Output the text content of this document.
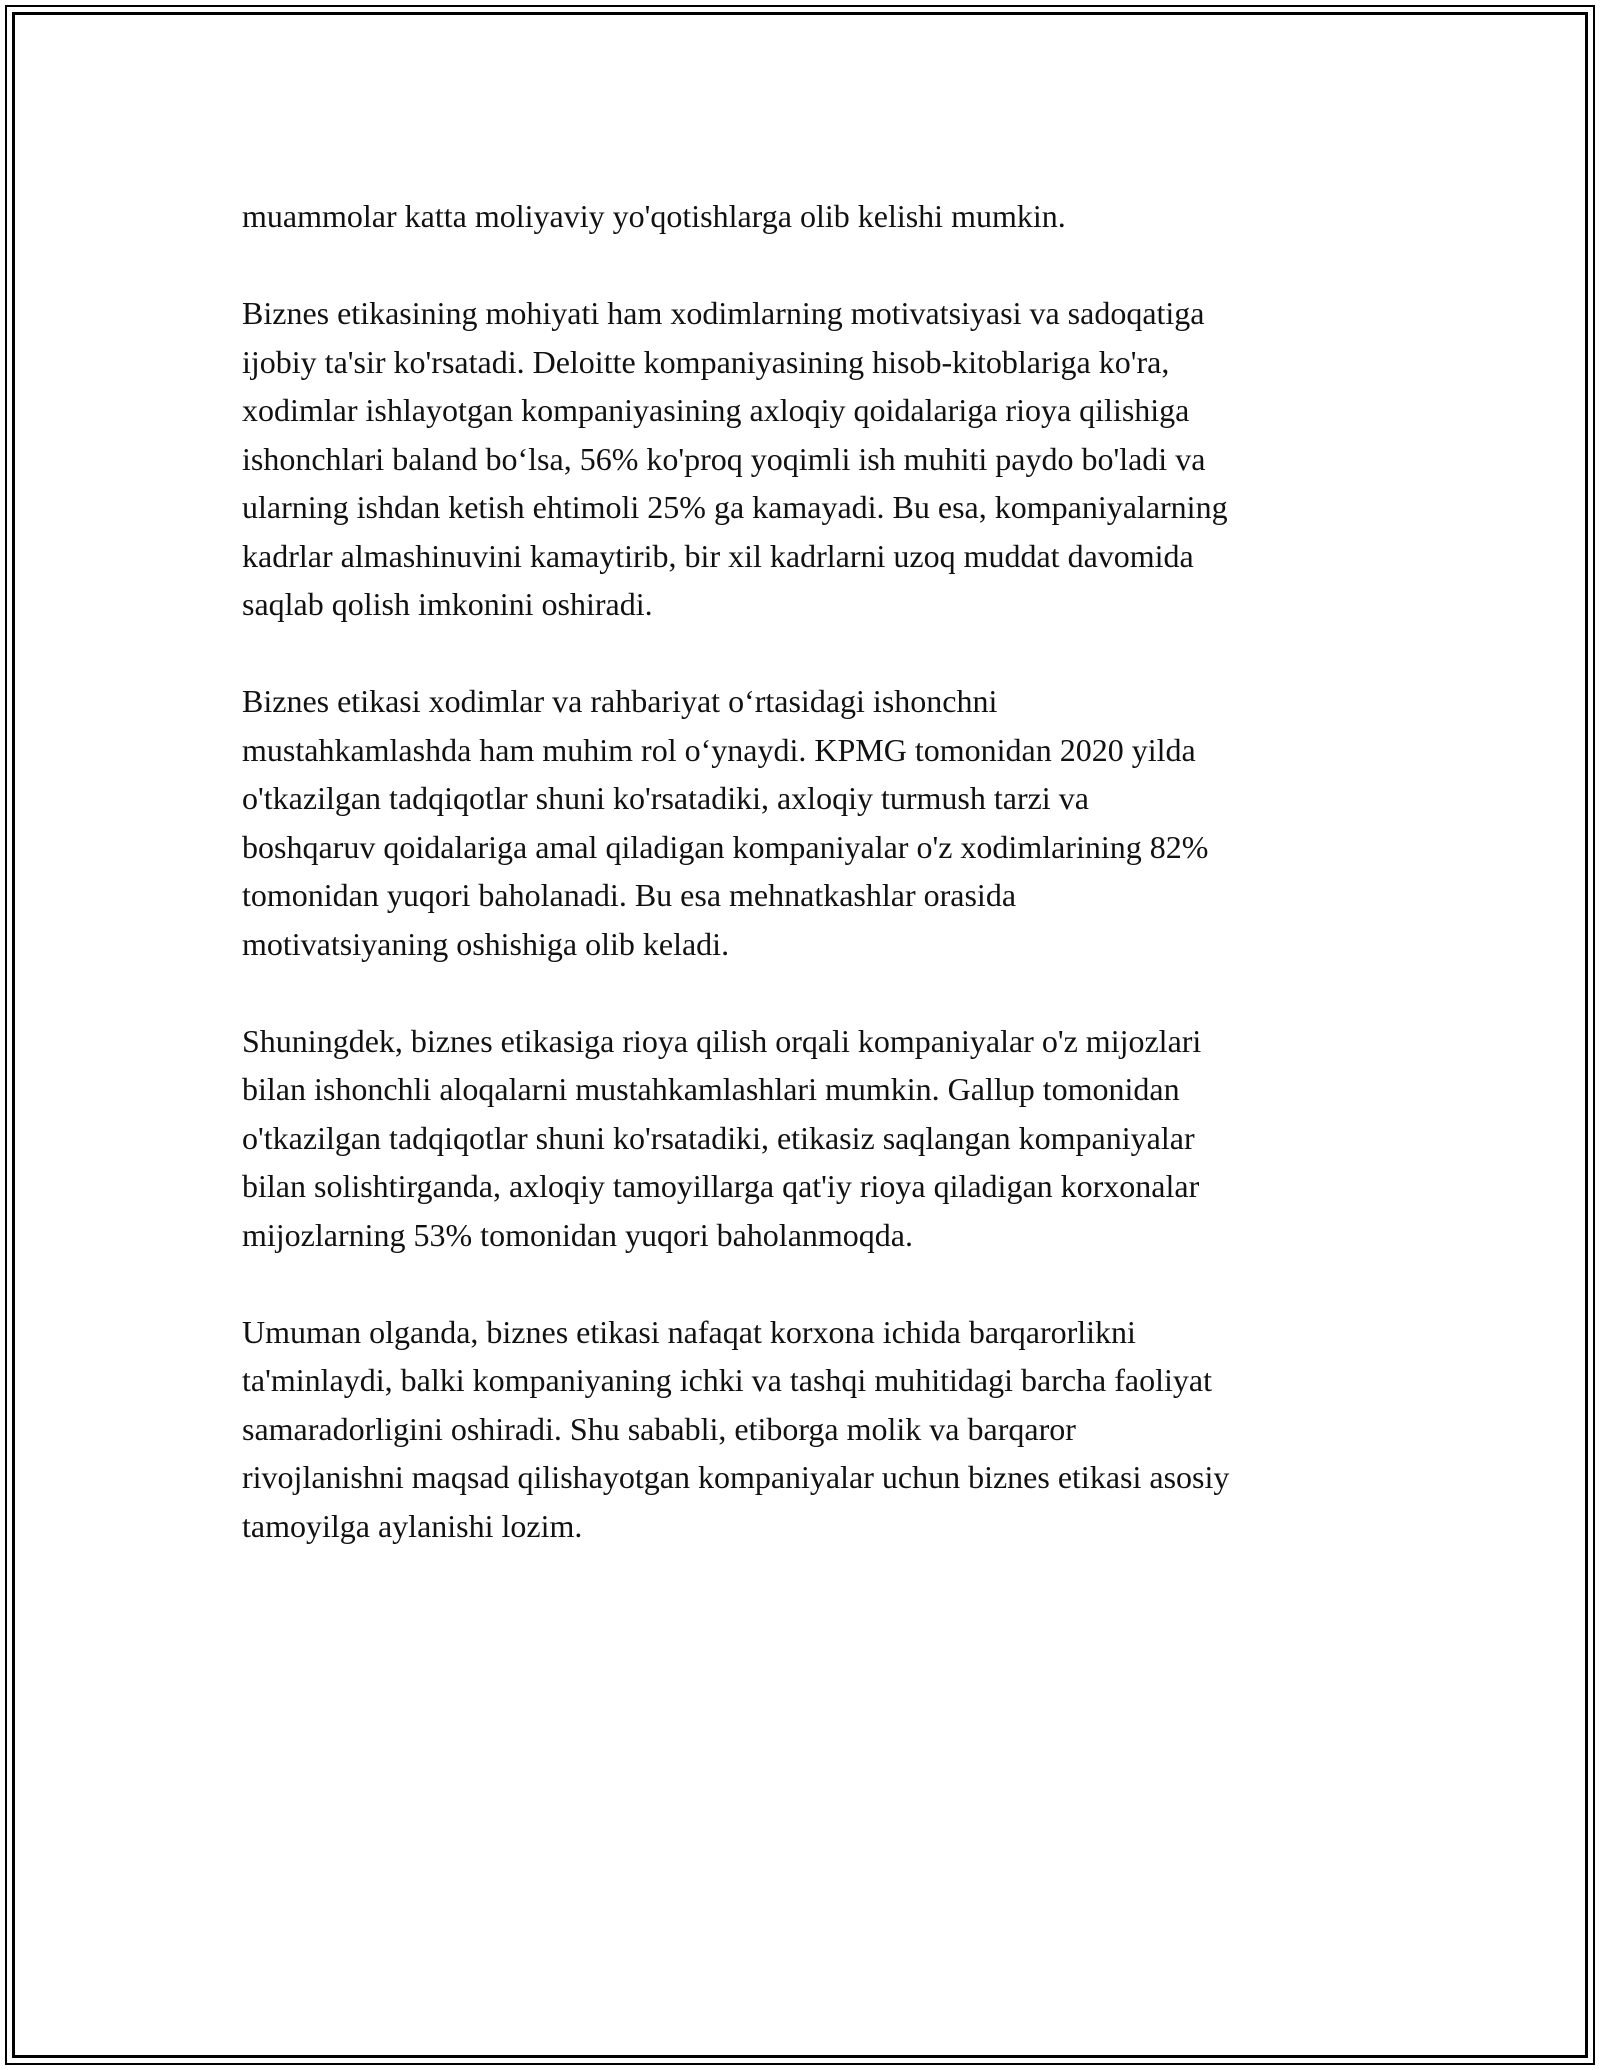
muammolar katta moliyaviy yo'qotishlarga olib kelishi mumkin.

Biznes etikasining mohiyati ham xodimlarning motivatsiyasi va sadoqatiga
ijobiy ta'sir ko'rsatadi. Deloitte kompaniyasining hisob-kitoblariga ko'ra,
xodimlar ishlayotgan kompaniyasining axloqiy qoidalariga rioya qilishiga
ishonchlari baland bo‘lsa, 56% ko'proq yoqimli ish muhiti paydo bo'ladi va
ularning ishdan ketish ehtimoli 25% ga kamayadi. Bu esa, kompaniyalarning
kadrlar almashinuvini kamaytirib, bir xil kadrlarni uzoq muddat davomida
saqlab qolish imkonini oshiradi.

Biznes etikasi xodimlar va rahbariyat o‘rtasidagi ishonchni
mustahkamlashda ham muhim rol o‘ynaydi. KPMG tomonidan 2020 yilda
o'tkazilgan tadqiqotlar shuni ko'rsatadiki, axloqiy turmush tarzi va
boshqaruv qoidalariga amal qiladigan kompaniyalar o'z xodimlarining 82%
tomonidan yuqori baholanadi. Bu esa mehnatkashlar orasida
motivatsiyaning oshishiga olib keladi.

Shuningdek, biznes etikasiga rioya qilish orqali kompaniyalar o'z mijozlari
bilan ishonchli aloqalarni mustahkamlashlari mumkin. Gallup tomonidan
o'tkazilgan tadqiqotlar shuni ko'rsatadiki, etikasiz saqlangan kompaniyalar
bilan solishtirganda, axloqiy tamoyillarga qat'iy rioya qiladigan korxonalar
mijozlarning 53% tomonidan yuqori baholanmoqda.

Umuman olganda, biznes etikasi nafaqat korxona ichida barqarorlikni
ta'minlaydi, balki kompaniyaning ichki va tashqi muhitidagi barcha faoliyat
samaradorligini oshiradi. Shu sababli, etiborga molik va barqaror
rivojlanishni maqsad qilishayotgan kompaniyalar uchun biznes etikasi asosiy
tamoyilga aylanishi lozim.
